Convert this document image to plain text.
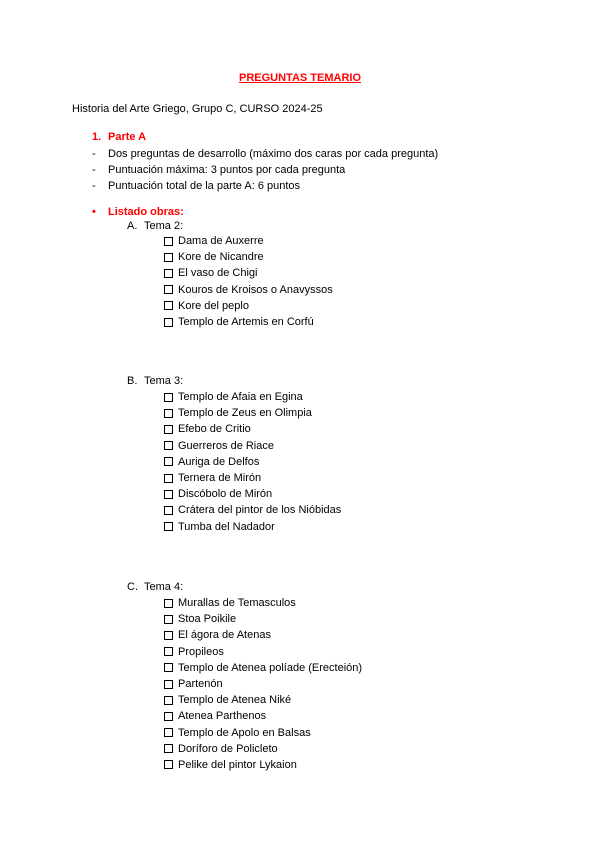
PREGUNTAS TEMARIO
Historia del Arte Griego, Grupo C, CURSO 2024-25
1. Parte A
- Dos preguntas de desarrollo (máximo dos caras por cada pregunta)
- Puntuación máxima: 3 puntos por cada pregunta
- Puntuación total de la parte A: 6 puntos
• Listado obras:
A. Tema 2:
Dama de Auxerre
Kore de Nicandre
El vaso de Chigi
Kouros de Kroisos o Anavyssos
Kore del peplo
Templo de Artemis en Corfú
B. Tema 3:
Templo de Afaia en Egina
Templo de Zeus en Olimpia
Efebo de Critio
Guerreros de Riace
Auriga de Delfos
Ternera de Mirón
Discóbolo de Mirón
Crátera del pintor de los Nióbidas
Tumba del Nadador
C. Tema 4:
Murallas de Temasculos
Stoa Poikile
El ágora de Atenas
Propileos
Templo de Atenea políade (Erecteión)
Partenón
Templo de Atenea Niké
Atenea Parthenos
Templo de Apolo en Balsas
Doríforo de Policleto
Pelike del pintor Lykaion
